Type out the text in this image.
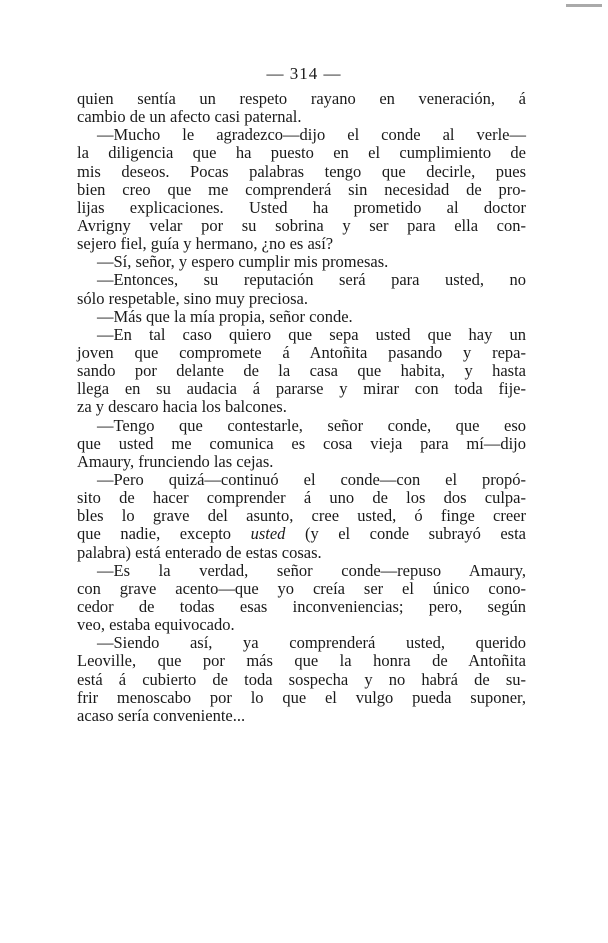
— 314 —
quien sentía un respeto rayano en veneración, á
cambio de un afecto casi paternal.
—Mucho le agradezco—dijo el conde al verle—
la diligencia que ha puesto en el cumplimiento de
mis deseos. Pocas palabras tengo que decirle, pues
bien creo que me comprenderá sin necesidad de pro-
lijas explicaciones. Usted ha prometido al doctor
Avrigny velar por su sobrina y ser para ella con-
sejero fiel, guía y hermano, ¿no es así?
—Sí, señor, y espero cumplir mis promesas.
—Entonces, su reputación será para usted, no
sólo respetable, sino muy preciosa.
—Más que la mía propia, señor conde.
—En tal caso quiero que sepa usted que hay un
joven que compromete á Antoñita pasando y repa-
sando por delante de la casa que habita, y hasta
llega en su audacia á pararse y mirar con toda fije-
za y descaro hacia los balcones.
—Tengo que contestarle, señor conde, que eso
que usted me comunica es cosa vieja para mí—dijo
Amaury, frunciendo las cejas.
—Pero quizá—continuó el conde—con el propó-
sito de hacer comprender á uno de los dos culpa-
bles lo grave del asunto, cree usted, ó finge creer
que nadie, excepto usted (y el conde subrayó esta
palabra) está enterado de estas cosas.
—Es la verdad, señor conde—repuso Amaury,
con grave acento—que yo creía ser el único cono-
cedor de todas esas inconveniencias; pero, según
veo, estaba equivocado.
—Siendo así, ya comprenderá usted, querido
Leoville, que por más que la honra de Antoñita
está á cubierto de toda sospecha y no habrá de su-
frir menoscabo por lo que el vulgo pueda suponer,
acaso sería conveniente...
